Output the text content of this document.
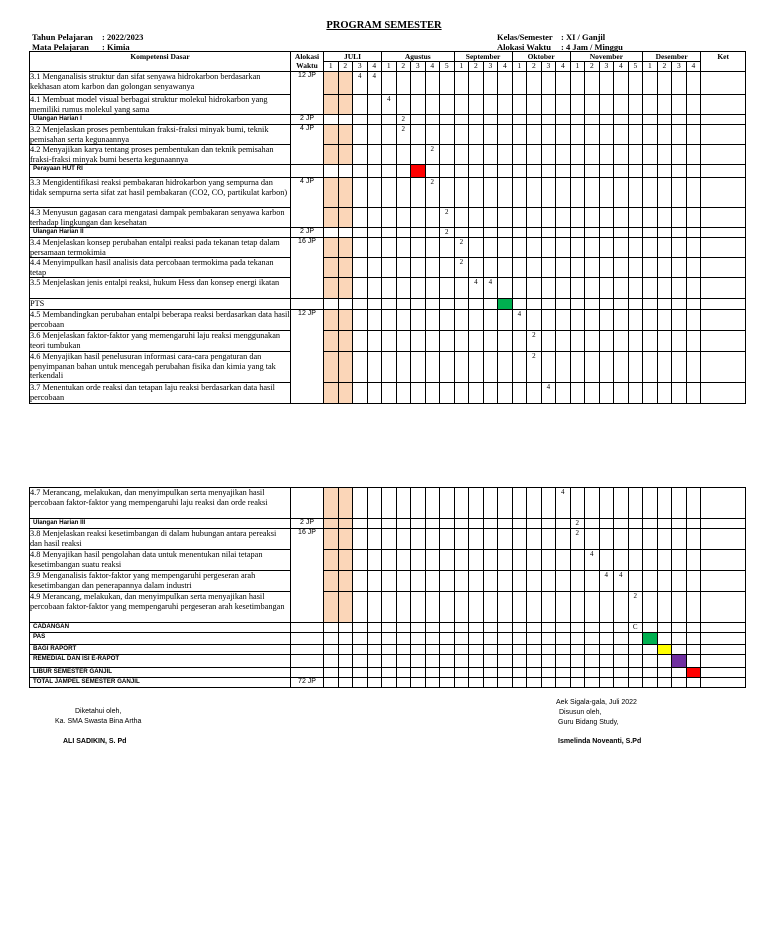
PROGRAM SEMESTER
Tahun Pelajaran : 2022/2023
Mata Pelajaran : Kimia
Kelas/Semester : XI / Ganjil
Alokasi Waktu : 4 Jam / Minggu
Kompetensi Dasar	Alokasi Waktu	JULI				Agustus					September				Oktober				November					Desember				Ket
		1	2	3	4	1	2	3	4	5	1	2	3	4	1	2	3	4	1	2	3	4	5	1	2	3	4	
3.1 Menganalisis struktur dan sifat senyawa hidrokarbon berdasarkan kekhasan atom karbon dan golongan senyawanya	12 JP			4	4																							
4.1 Membuat model visual berbagai struktur molekul hidrokarbon yang memiliki rumus molekul yang sama						4																						
Ulangan Harian I	2 JP						2																					
3.2 Menjelaskan proses pembentukan fraksi-fraksi minyak bumi, teknik pemisahan serta kegunaannya	4 JP						2																					
4.2 Menyajikan karya tentang proses pembentukan dan teknik pemisahan fraksi-fraksi minyak bumi beserta kegunaannya									2																			
Perayaan HUT RI																												
3.3 Mengidentifikasi reaksi pembakaran hidrokarbon yang sempurna dan tidak sempurna serta sifat zat hasil pembakaran (CO2, CO, partikulat karbon)	4 JP								2																			
4.3 Menyusun gagasan cara mengatasi dampak pembakaran senyawa karbon terhadap lingkungan dan kesehatan										2																		
Ulangan Harian II	2 JP									2																		
3.4 Menjelaskan konsep perubahan entalpi reaksi pada tekanan tetap dalam persamaan termokimia	16 JP										2																	
4.4 Menyimpulkan hasil analisis data percobaan termokima pada tekanan tetap											2																	
3.5 Menjelaskan jenis entalpi reaksi, hukum Hess dan konsep energi ikatan												4	4															
PTS																												
4.5 Membandingkan perubahan entalpi beberapa reaksi berdasarkan data hasil percobaan	12 JP														4													
3.6 Menjelaskan faktor-faktor yang memengaruhi laju reaksi menggunakan teori tumbukan																2												
4.6 Menyajikan hasil penelusuran informasi cara-cara pengaturan dan penyimpanan bahan untuk mencegah perubahan fisika dan kimia yang tak terkendali																2												
3.7 Menentukan orde reaksi dan tetapan laju reaksi berdasarkan data hasil percobaan																	4											
4.7 Merancang, melakukan, dan menyimpulkan serta menyajikan hasil percobaan faktor-faktor yang mempengaruhi laju reaksi dan orde reaksi																		4										
Ulangan Harian III	2 JP																		2									
3.8 Menjelaskan reaksi kesetimbangan di dalam hubungan antara pereaksi dan hasil reaksi	16 JP																		2									
4.8 Menyajikan hasil pengolahan data untuk menentukan nilai tetapan kesetimbangan suatu reaksi																				4								
3.9 Menganalisis faktor-faktor yang mempengaruhi pergeseran arah kesetimbangan dan penerapannya dalam industri																					4	4						
4.9 Merancang, melakukan, dan menyimpulkan serta menyajikan hasil percobaan faktor-faktor yang mempengaruhi pergeseran arah kesetimbangan																							2					
CADANGAN																							C					
PAS																												
BAGI RAPORT																												
REMEDIAL DAN ISI E-RAPOT																												
LIBUR SEMESTER GANJIL																												
TOTAL JAMPEL SEMESTER GANJIL	72 JP																											
Diketahui oleh,
Ka. SMA Swasta Bina Artha
ALI SADIKIN, S. Pd
Aek Sigala-gala, Juli 2022
Disusun oleh,
Guru Bidang Study,
Ismelinda Noveanti, S.Pd
